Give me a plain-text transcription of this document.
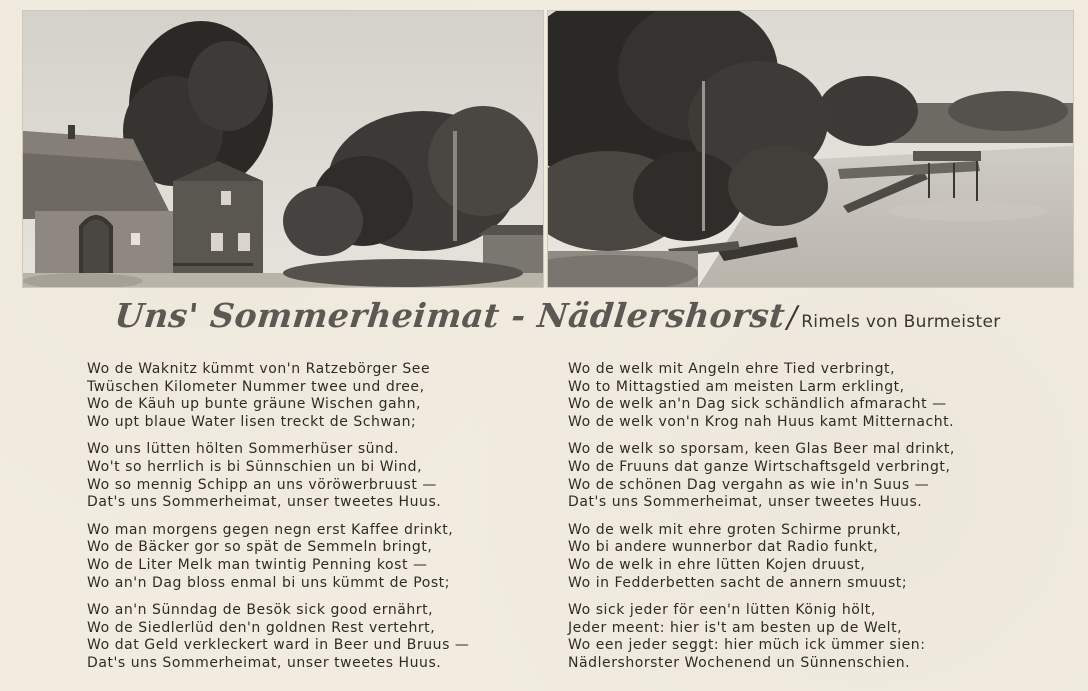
Uns' Sommerheimat - Nädlershorst/ Rimels von Burmeister
Wo de Waknitz kümmt von'n Ratzebörger See
Twüschen Kilometer Nummer twee und dree,
Wo de Käuh up bunte gräune Wischen gahn,
Wo upt blaue Water lisen treckt de Schwan;
Wo uns lütten hölten Sommerhüser sünd.
Wo't so herrlich is bi Sünnschien un bi Wind,
Wo so mennig Schipp an uns vöröwerbruust —
Dat's uns Sommerheimat, unser tweetes Huus.
Wo man morgens gegen negn erst Kaffee drinkt,
Wo de Bäcker gor so spät de Semmeln bringt,
Wo de Liter Melk man twintig Penning kost —
Wo an'n Dag bloss enmal bi uns kümmt de Post;
Wo an'n Sünndag de Besök sick good ernährt,
Wo de Siedlerlüd den'n goldnen Rest vertehrt,
Wo dat Geld verkleckert ward in Beer und Bruus —
Dat's uns Sommerheimat, unser tweetes Huus.
Wo de welk mit Angeln ehre Tied verbringt,
Wo to Mittagstied am meisten Larm erklingt,
Wo de welk an'n Dag sick schändlich afmaracht —
Wo de welk von'n Krog nah Huus kamt Mitternacht.
Wo de welk so sporsam, keen Glas Beer mal drinkt,
Wo de Fruuns dat ganze Wirtschaftsgeld verbringt,
Wo de schönen Dag vergahn as wie in'n Suus —
Dat's uns Sommerheimat, unser tweetes Huus.
Wo de welk mit ehre groten Schirme prunkt,
Wo bi andere wunnerbor dat Radio funkt,
Wo de welk in ehre lütten Kojen druust,
Wo in Fedderbetten sacht de annern smuust;
Wo sick jeder för een'n lütten König hölt,
Jeder meent: hier is't am besten up de Welt,
Wo een jeder seggt: hier müch ick ümmer sien:
Nädlershorster Wochenend un Sünnenschien.
